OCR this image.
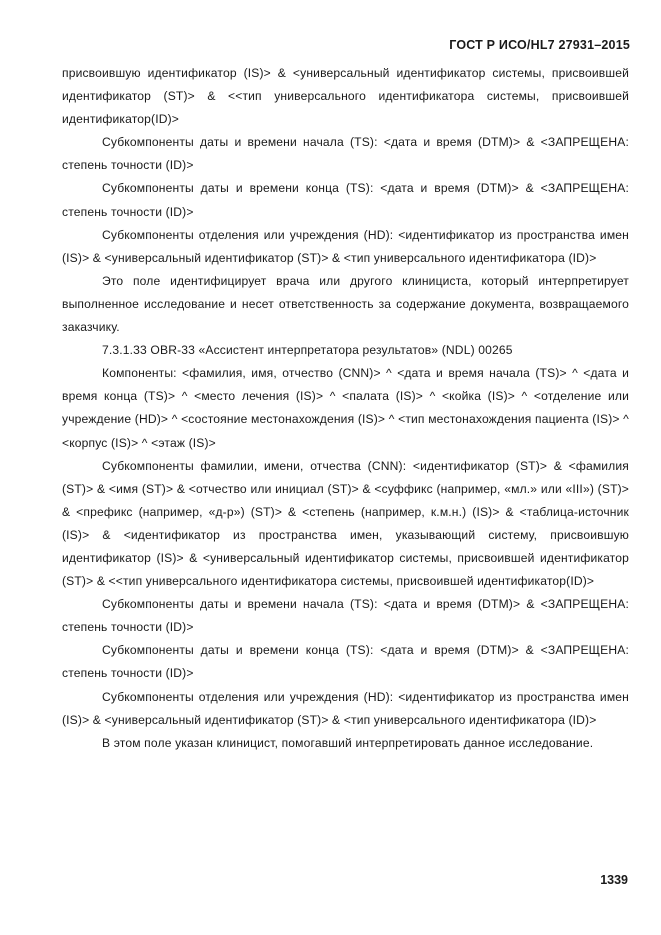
ГОСТ Р ИСО/HL7 27931–2015

присвоившую идентификатор (IS)> & <универсальный идентификатор системы, присвоившей идентификатор (ST)> & <<тип универсального идентификатора системы, присвоившей идентификатор(ID)>

Субкомпоненты даты и времени начала (TS): <дата и время (DTM)> & <ЗАПРЕЩЕНА: степень точности (ID)>

Субкомпоненты даты и времени конца (TS): <дата и время (DTM)> & <ЗАПРЕЩЕНА: степень точности (ID)>

Субкомпоненты отделения или учреждения (HD): <идентификатор из пространства имен (IS)> & <универсальный идентификатор (ST)> & <тип универсального идентификатора (ID)>

Это поле идентифицирует врача или другого клинициста, который интерпретирует выполненное исследование и несет ответственность за содержание документа, возвращаемого заказчику.

7.3.1.33 OBR-33 «Ассистент интерпретатора результатов» (NDL) 00265

Компоненты: <фамилия, имя, отчество (CNN)> ^ <дата и время начала (TS)> ^ <дата и время конца (TS)> ^ <место лечения (IS)> ^ <палата (IS)> ^ <койка (IS)> ^ <отделение или учреждение (HD)> ^ <состояние местонахождения (IS)> ^ <тип местонахождения пациента (IS)> ^ <корпус (IS)> ^ <этаж (IS)>

Субкомпоненты фамилии, имени, отчества (CNN): <идентификатор (ST)> & <фамилия (ST)> & <имя (ST)> & <отчество или инициал (ST)> & <суффикс (например, «мл.» или «III») (ST)> & <префикс (например, «д-р») (ST)> & <степень (например, к.м.н.) (IS)> & <таблица-источник (IS)> & <идентификатор из пространства имен, указывающий систему, присвоившую идентификатор (IS)> & <универсальный идентификатор системы, присвоившей идентификатор (ST)> & <<тип универсального идентификатора системы, присвоившей идентификатор(ID)>

Субкомпоненты даты и времени начала (TS): <дата и время (DTM)> & <ЗАПРЕЩЕНА: степень точности (ID)>

Субкомпоненты даты и времени конца (TS): <дата и время (DTM)> & <ЗАПРЕЩЕНА: степень точности (ID)>

Субкомпоненты отделения или учреждения (HD): <идентификатор из пространства имен (IS)> & <универсальный идентификатор (ST)> & <тип универсального идентификатора (ID)>

В этом поле указан клиницист, помогавший интерпретировать данное исследование.

1339
